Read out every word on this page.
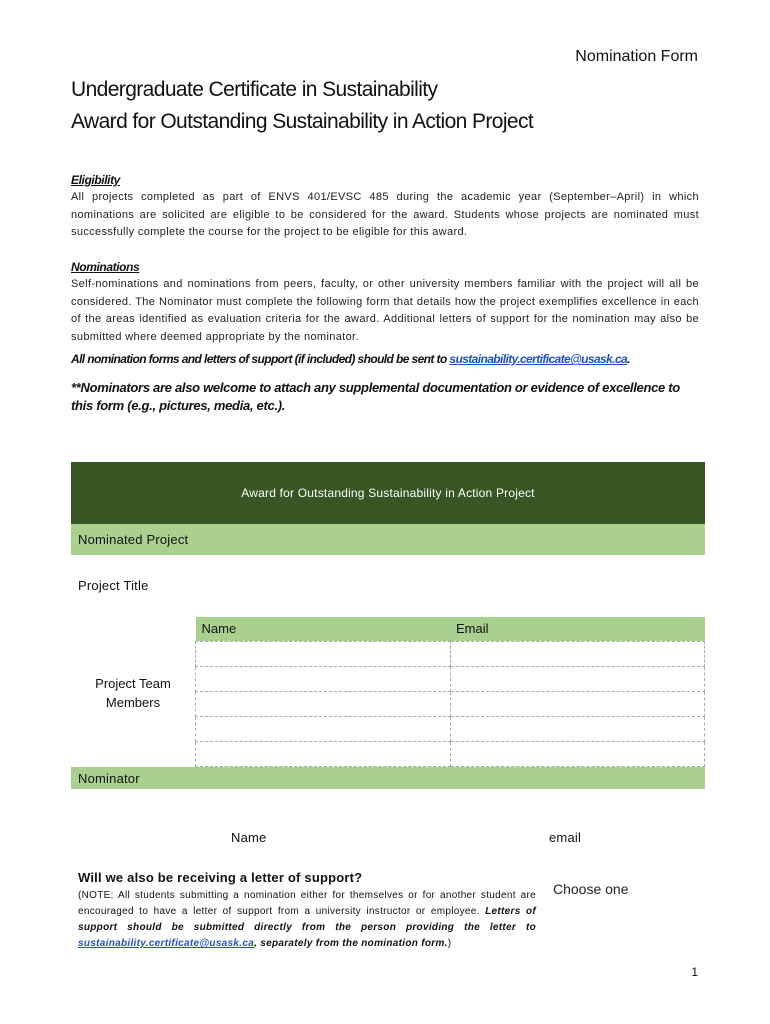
Nomination Form
Undergraduate Certificate in Sustainability
Award for Outstanding Sustainability in Action Project
Eligibility
All projects completed as part of ENVS 401/EVSC 485 during the academic year (September–April) in which nominations are solicited are eligible to be considered for the award. Students whose projects are nominated must successfully complete the course for the project to be eligible for this award.
Nominations
Self-nominations and nominations from peers, faculty, or other university members familiar with the project will all be considered. The Nominator must complete the following form that details how the project exemplifies excellence in each of the areas identified as evaluation criteria for the award. Additional letters of support for the nomination may also be submitted where deemed appropriate by the nominator.
All nomination forms and letters of support (if included) should be sent to sustainability.certificate@usask.ca.
**Nominators are also welcome to attach any supplemental documentation or evidence of excellence to this form (e.g., pictures, media, etc.).
Award for Outstanding Sustainability in Action Project
Nominated Project
Project Title
Project Team
Members
Name	Email

Nominator
Name	email
Will we also be receiving a letter of support?
(NOTE: All students submitting a nomination either for themselves or for another student are encouraged to have a letter of support from a university instructor or employee. Letters of support should be submitted directly from the person providing the letter to sustainability.certificate@usask.ca, separately from the nomination form.)
Choose one
1
